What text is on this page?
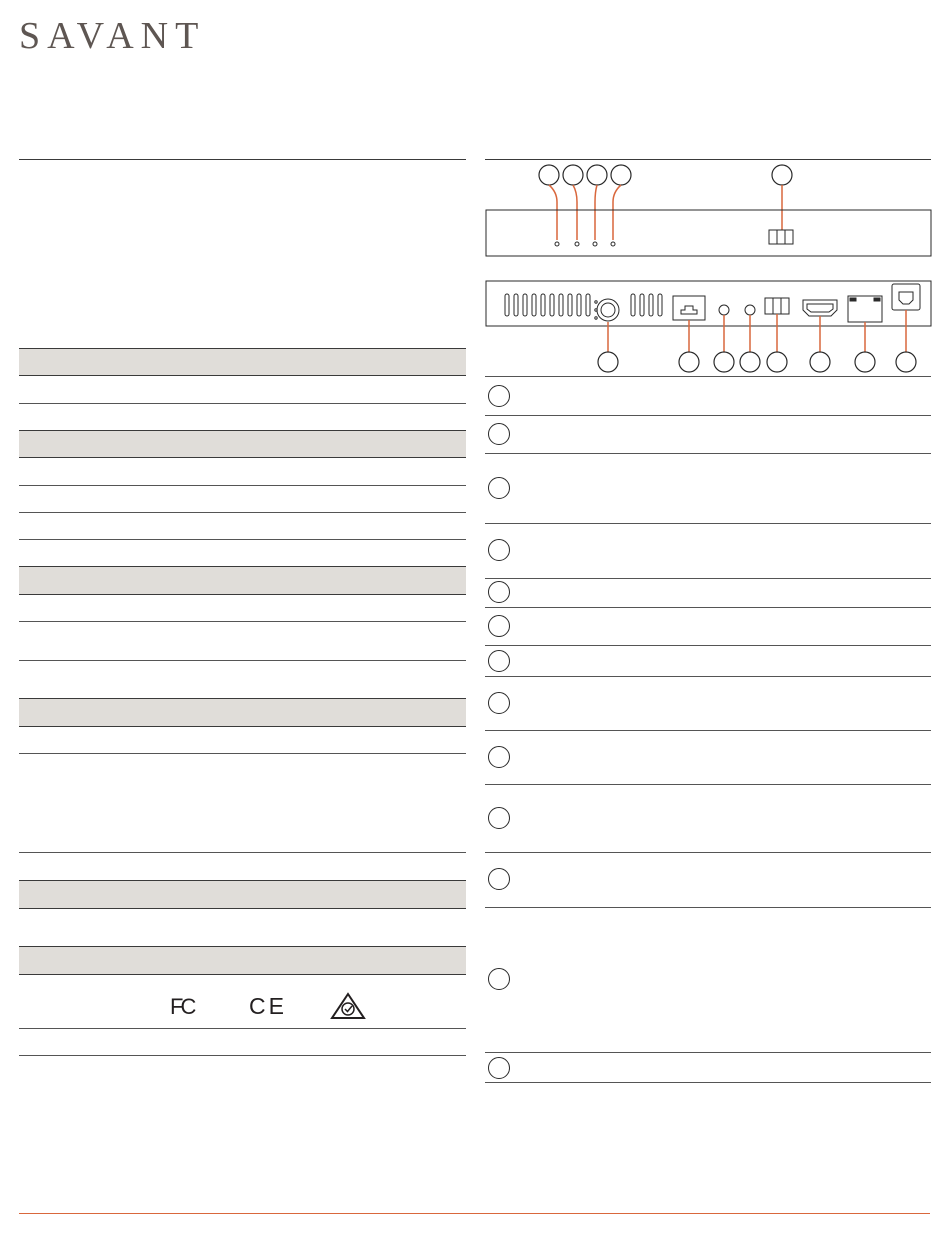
SAVANT
FC CE
